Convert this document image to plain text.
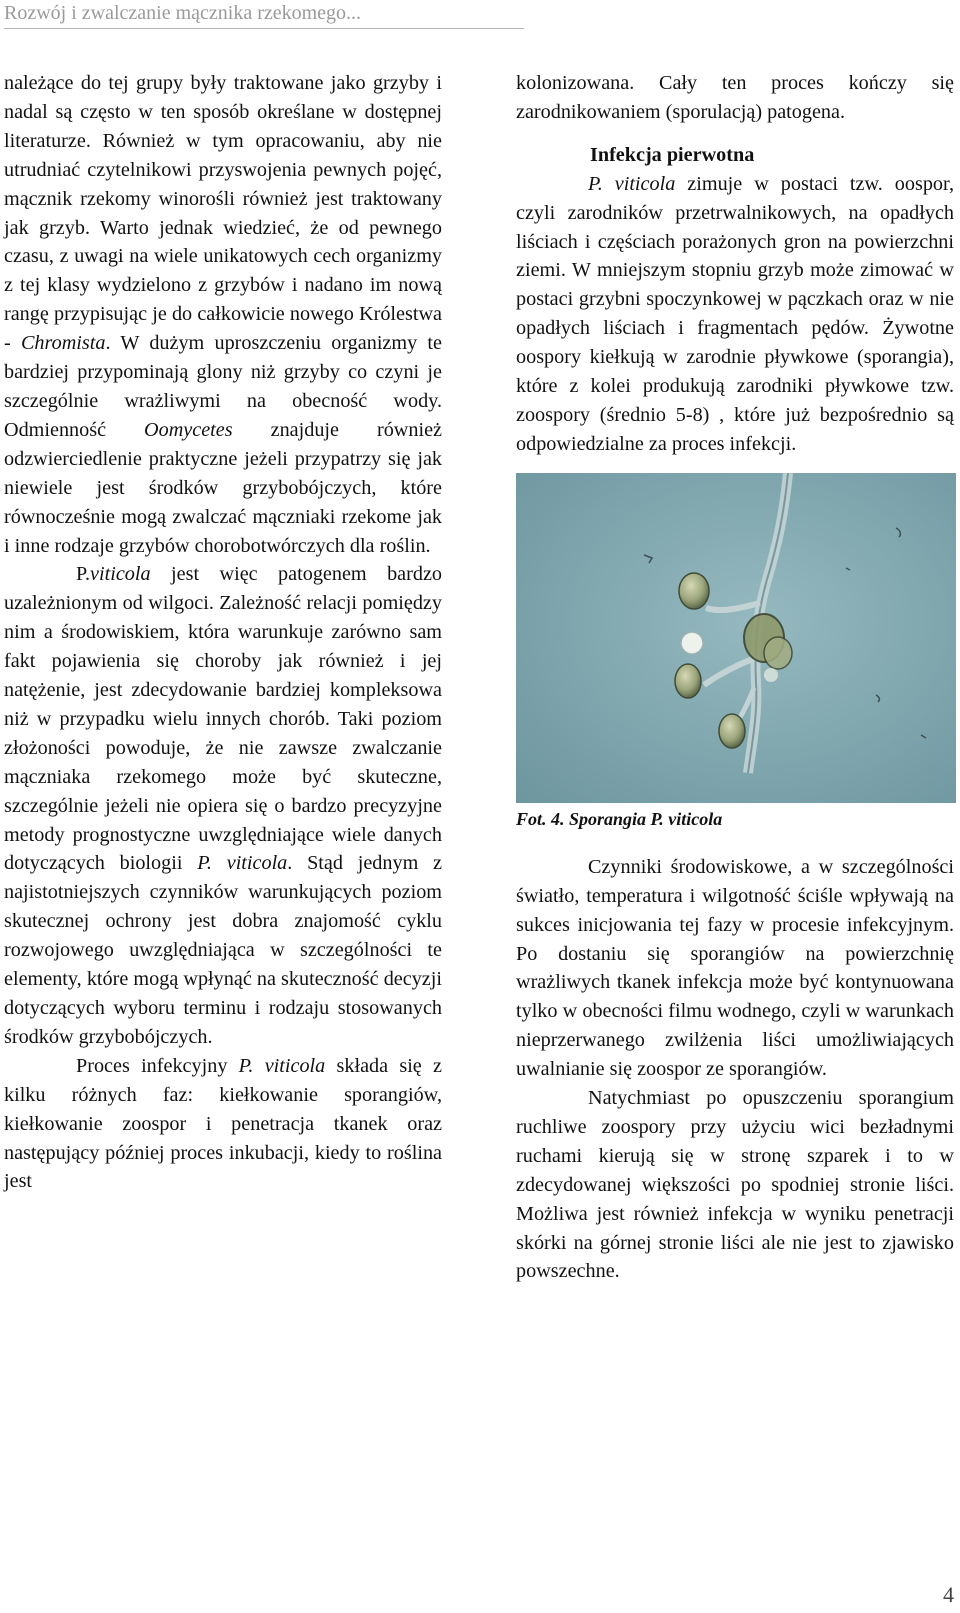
Rozwój i zwalczanie mącznika rzekomego...

należące do tej grupy były traktowane jako grzyby i nadal są często w ten sposób określane w dostępnej literaturze. Również w tym opracowaniu, aby nie utrudniać czytelnikowi przyswojenia pewnych pojęć, mącznik rzekomy winorośli również jest traktowany jak grzyb. Warto jednak wiedzieć, że od pewnego czasu, z uwagi na wiele unikatowych cech organizmy z tej klasy wydzielono z grzybów i nadano im nową rangę przypisując je do całkowicie nowego Królestwa - Chromista. W dużym uproszczeniu organizmy te bardziej przypominają glony niż grzyby co czyni je szczególnie wrażliwymi na obecność wody. Odmienność Oomycetes znajduje również odzwierciedlenie praktyczne jeżeli przypatrzy się jak niewiele jest środków grzybobójczych, które równocześnie mogą zwalczać mączniaki rzekome jak i inne rodzaje grzybów chorobotwórczych dla roślin.

P.viticola jest więc patogenem bardzo uzależnionym od wilgoci. Zależność relacji pomiędzy nim a środowiskiem, która warunkuje zarówno sam fakt pojawienia się choroby jak również i jej natężenie, jest zdecydowanie bardziej kompleksowa niż w przypadku wielu innych chorób. Taki poziom złożoności powoduje, że nie zawsze zwalczanie mączniaka rzekomego może być skuteczne, szczególnie jeżeli nie opiera się o bardzo precyzyjne metody prognostyczne uwzględniające wiele danych dotyczących biologii P. viticola. Stąd jednym z najistotniejszych czynników warunkujących poziom skutecznej ochrony jest dobra znajomość cyklu rozwojowego uwzględniająca w szczególności te elementy, które mogą wpłynąć na skuteczność decyzji dotyczących wyboru terminu i rodzaju stosowanych środków grzybobójczych.

Proces infekcyjny P. viticola składa się z kilku różnych faz: kiełkowanie sporangiów, kiełkowanie zoospor i penetracja tkanek oraz następujący później proces inkubacji, kiedy to roślina jest

kolonizowana. Cały ten proces kończy się zarodnikowaniem (sporulacją) patogena.

Infekcja pierwotna

P. viticola zimuje w postaci tzw. oospor, czyli zarodników przetrwalnikowych, na opadłych liściach i częściach porażonych gron na powierzchni ziemi. W mniejszym stopniu grzyb może zimować w postaci grzybni spoczynkowej w pączkach oraz w nie opadłych liściach i fragmentach pędów. Żywotne oospory kiełkują w zarodnie pływkowe (sporangia), które z kolei produkują zarodniki pływkowe tzw. zoospory (średnio 5-8) , które już bezpośrednio są odpowiedzialne za proces infekcji.

Fot. 4. Sporangia P. viticola

Czynniki środowiskowe, a w szczególności światło, temperatura i wilgotność ściśle wpływają na sukces inicjowania tej fazy w procesie infekcyjnym. Po dostaniu się sporangiów na powierzchnię wrażliwych tkanek infekcja może być kontynuowana tylko w obecności filmu wodnego, czyli w warunkach nieprzerwanego zwilżenia liści umożliwiających uwalnianie się zoospor ze sporangiów.

Natychmiast po opuszczeniu sporangium ruchliwe zoospory przy użyciu wici bezładnymi ruchami kierują się w stronę szparek i to w zdecydowanej większości po spodniej stronie liści. Możliwa jest również infekcja w wyniku penetracji skórki na górnej stronie liści ale nie jest to zjawisko powszechne.

4
